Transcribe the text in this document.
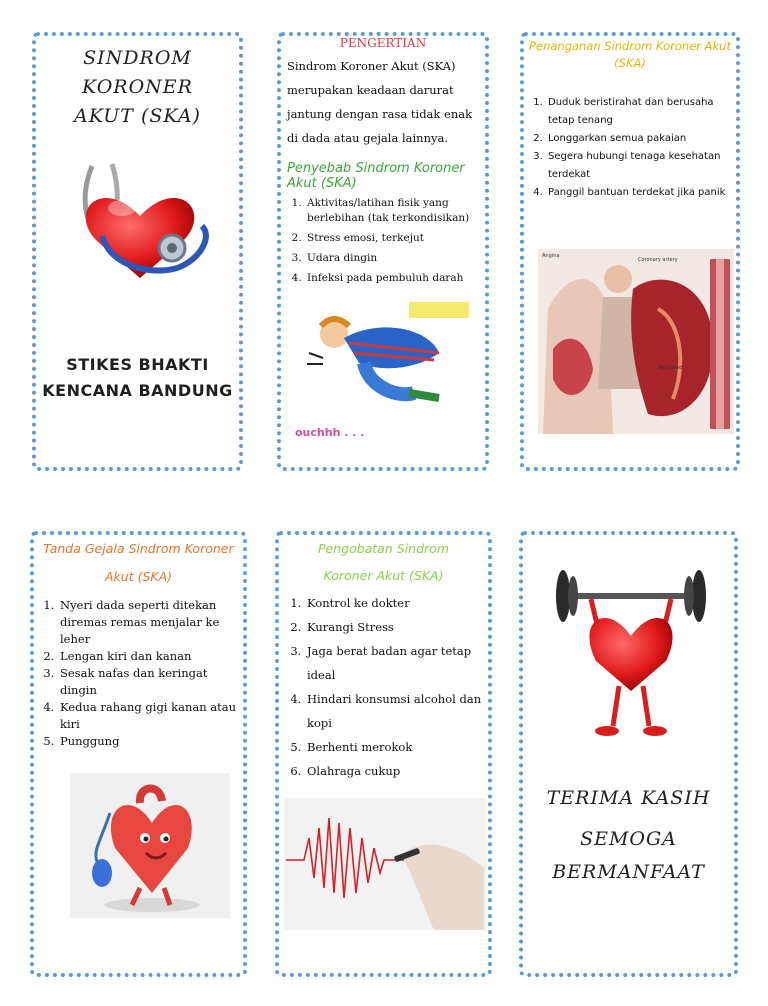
SINDROM KORONER
AKUT (SKA)
STIKES BHAKTI
KENCANA BANDUNG
PENGERTIAN
Sindrom Koroner Akut (SKA) merupakan keadaan darurat jantung dengan rasa tidak enak di dada atau gejala lainnya.
Penyebab Sindrom Koroner Akut (SKA)
1. Aktivitas/latihan fisik yang berlebihan (tak terkondisikan)
2. Stress emosi, terkejut
3. Udara dingin
4. Infeksi pada pembuluh darah
ouchhh . . .
Penanganan Sindrom Koroner Akut (SKA)
1. Duduk beristirahat dan berusaha tetap tenang
2. Longgarkan semua pakaian
3. Segera hubungi tenaga kesehatan terdekat
4. Panggil bantuan terdekat jika panik
Angina
Coronary artery
Narrowed
Tanda Gejala Sindrom Koroner
Akut (SKA)
1. Nyeri dada seperti ditekan diremas remas menjalar ke leher
2. Lengan kiri dan kanan
3. Sesak nafas dan keringat dingin
4. Kedua rahang gigi kanan atau kiri
5. Punggung
Pengobatan Sindrom
Koroner Akut (SKA)
1. Kontrol ke dokter
2. Kurangi Stress
3. Jaga berat badan agar tetap ideal
4. Hindari konsumsi alcohol dan kopi
5. Berhenti merokok
6. Olahraga cukup
TERIMA KASIH
SEMOGA
BERMANFAAT
